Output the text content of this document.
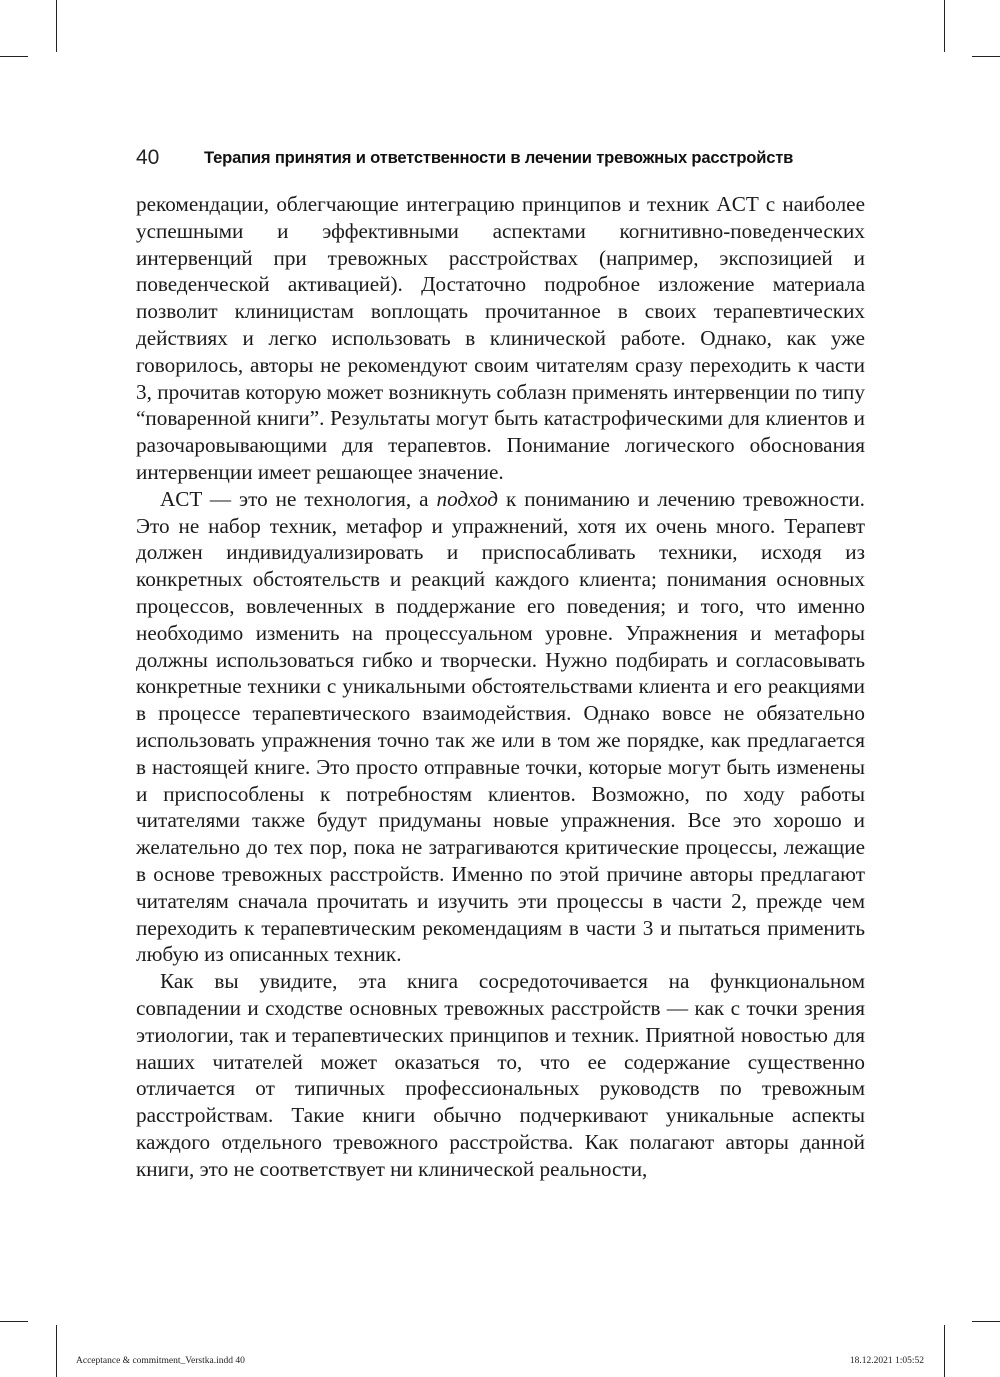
40	Терапия принятия и ответственности в лечении тревожных расстройств

рекомендации, облегчающие интеграцию принципов и техник ACT с наиболее успешными и эффективными аспектами когнитивно-поведенческих интервенций при тревожных расстройствах (например, экспозицией и поведенческой активацией). Достаточно подробное изложение материала позволит клиницистам воплощать прочитанное в своих терапевтических действиях и легко использовать в клинической работе. Однако, как уже говорилось, авторы не рекомендуют своим читателям сразу переходить к части 3, прочитав которую может возникнуть соблазн применять интервенции по типу “поваренной книги”. Результаты могут быть катастрофическими для клиентов и разочаровывающими для терапевтов. Понимание логического обоснования интервенции имеет решающее значение.

ACT — это не технология, а подход к пониманию и лечению тревожности. Это не набор техник, метафор и упражнений, хотя их очень много. Терапевт должен индивидуализировать и приспосабливать техники, исходя из конкретных обстоятельств и реакций каждого клиента; понимания основных процессов, вовлеченных в поддержание его поведения; и того, что именно необходимо изменить на процессуальном уровне. Упражнения и метафоры должны использоваться гибко и творчески. Нужно подбирать и согласовывать конкретные техники с уникальными обстоятельствами клиента и его реакциями в процессе терапевтического взаимодействия. Однако вовсе не обязательно использовать упражнения точно так же или в том же порядке, как предлагается в настоящей книге. Это просто отправные точки, которые могут быть изменены и приспособлены к потребностям клиентов. Возможно, по ходу работы читателями также будут придуманы новые упражнения. Все это хорошо и желательно до тех пор, пока не затрагиваются критические процессы, лежащие в основе тревожных расстройств. Именно по этой причине авторы предлагают читателям сначала прочитать и изучить эти процессы в части 2, прежде чем переходить к терапевтическим рекомендациям в части 3 и пытаться применить любую из описанных техник.

Как вы увидите, эта книга сосредоточивается на функциональном совпадении и сходстве основных тревожных расстройств — как с точки зрения этиологии, так и терапевтических принципов и техник. Приятной новостью для наших читателей может оказаться то, что ее содержание существенно отличается от типичных профессиональных руководств по тревожным расстройствам. Такие книги обычно подчеркивают уникальные аспекты каждого отдельного тревожного расстройства. Как полагают авторы данной книги, это не соответствует ни клинической реальности,

Acceptance & commitment_Verstka.indd 40	18.12.2021 1:05:52
